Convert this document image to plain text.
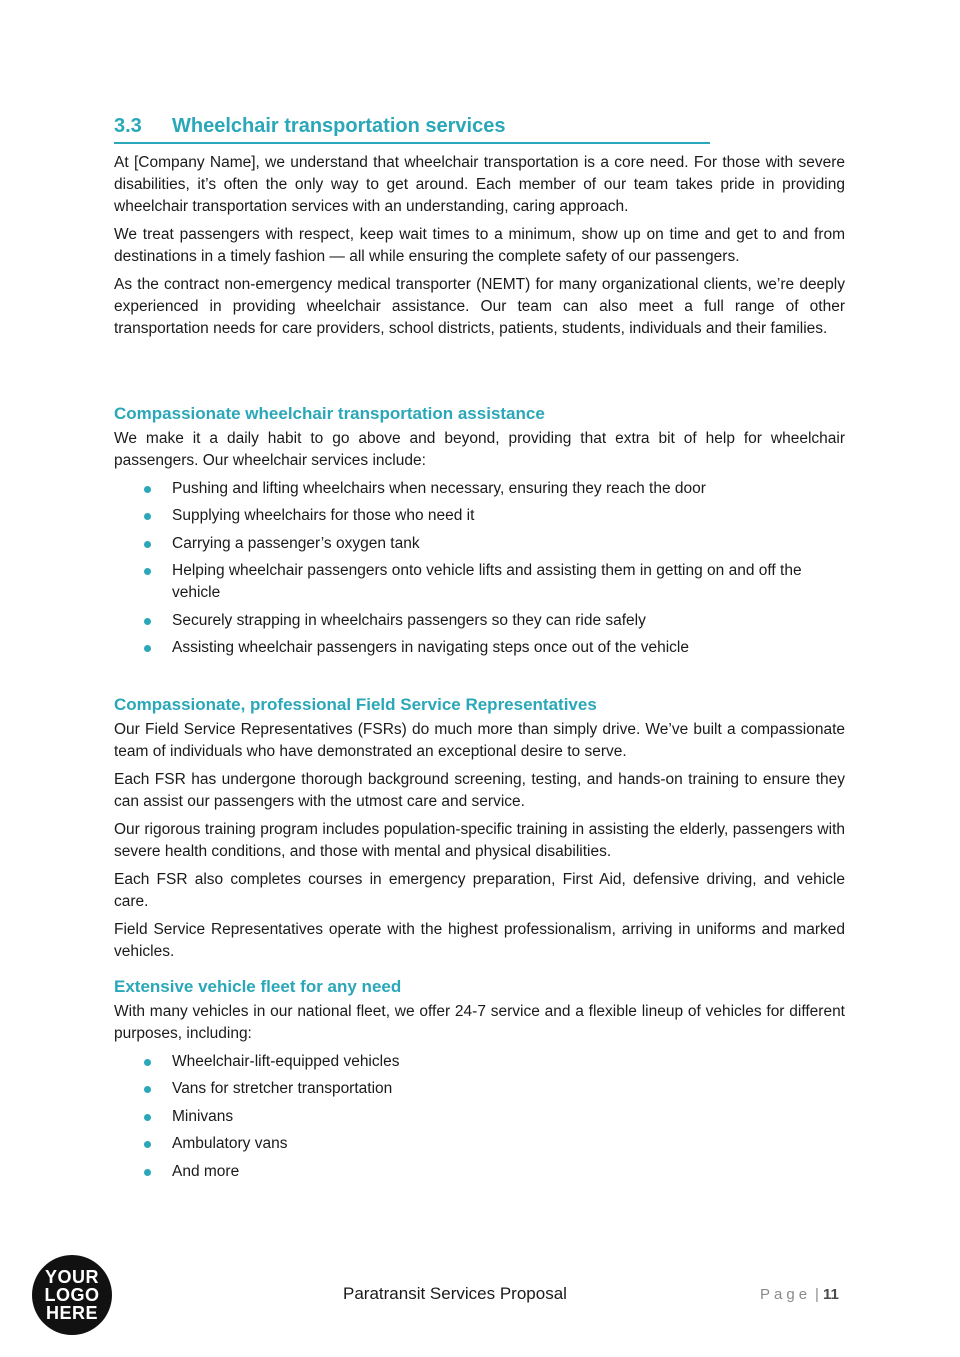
3.3	Wheelchair transportation services

At [Company Name], we understand that wheelchair transportation is a core need. For those with severe disabilities, it’s often the only way to get around. Each member of our team takes pride in providing wheelchair transportation services with an understanding, caring approach.

We treat passengers with respect, keep wait times to a minimum, show up on time and get to and from destinations in a timely fashion — all while ensuring the complete safety of our passengers.

As the contract non-emergency medical transporter (NEMT) for many organizational clients, we’re deeply experienced in providing wheelchair assistance. Our team can also meet a full range of other transportation needs for care providers, school districts, patients, students, individuals and their families.

Compassionate wheelchair transportation assistance

We make it a daily habit to go above and beyond, providing that extra bit of help for wheelchair passengers. Our wheelchair services include:

Pushing and lifting wheelchairs when necessary, ensuring they reach the door
Supplying wheelchairs for those who need it
Carrying a passenger’s oxygen tank
Helping wheelchair passengers onto vehicle lifts and assisting them in getting on and off the vehicle
Securely strapping in wheelchairs passengers so they can ride safely
Assisting wheelchair passengers in navigating steps once out of the vehicle
Compassionate, professional Field Service Representatives

Our Field Service Representatives (FSRs) do much more than simply drive. We’ve built a compassionate team of individuals who have demonstrated an exceptional desire to serve.

Each FSR has undergone thorough background screening, testing, and hands-on training to ensure they can assist our passengers with the utmost care and service.

Our rigorous training program includes population-specific training in assisting the elderly, passengers with severe health conditions, and those with mental and physical disabilities.

Each FSR also completes courses in emergency preparation, First Aid, defensive driving, and vehicle care.

Field Service Representatives operate with the highest professionalism, arriving in uniforms and marked vehicles.

Extensive vehicle fleet for any need

With many vehicles in our national fleet, we offer 24-7 service and a flexible lineup of vehicles for different purposes, including:

Wheelchair-lift-equipped vehicles
Vans for stretcher transportation
Minivans
Ambulatory vans
And more
YOUR
LOGO
HERE
Paratransit Services Proposal	Page | 11
